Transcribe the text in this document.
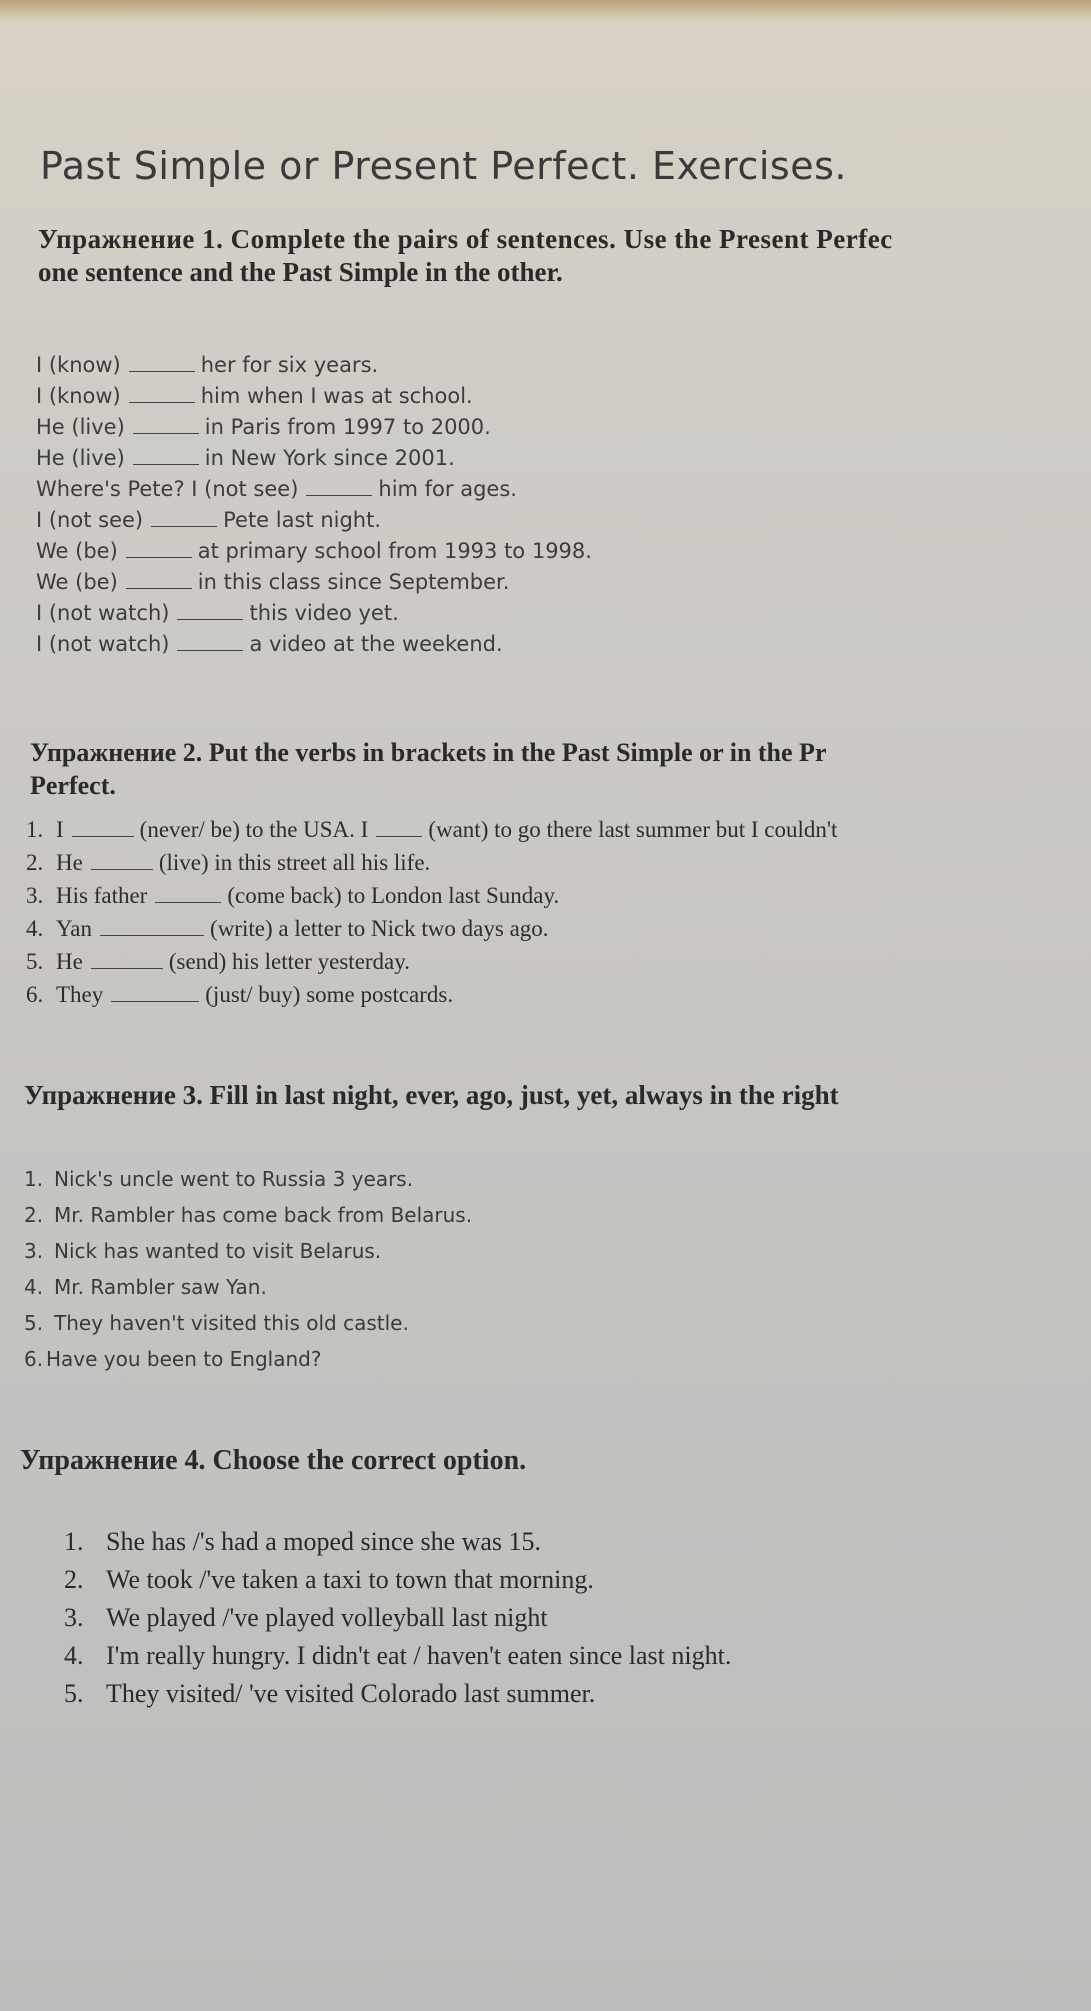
Past Simple or Present Perfect. Exercises.
Упражнение 1. Complete the pairs of sentences. Use the Present Perfec
one sentence and the Past Simple in the other.
I (know)	her for six years.
I (know)	him when I was at school.
He (live)	in Paris from 1997 to 2000.
He (live)	in New York since 2001.
Where's Pete? I (not see)	him for ages.
I (not see)	Pete last night.
We (be)	at primary school from 1993 to 1998.
We (be)	in this class since September.
I (not watch)	this video yet.
I (not watch)	a video at the weekend.
Упражнение 2. Put the verbs in brackets in the Past Simple or in the Pr
Perfect.
1. I	(never/ be) to the USA. I	(want) to go there last summer but I couldn't
2. He	(live) in this street all his life.
3. His father	(come back) to London last Sunday.
4. Yan	(write) a letter to Nick two days ago.
5. He	(send) his letter yesterday.
6. They	(just/ buy) some postcards.
Упражнение 3. Fill in last night, ever, ago, just, yet, always in the right
1. Nick's uncle went to Russia 3 years.
2. Mr. Rambler has come back from Belarus.
3. Nick has wanted to visit Belarus.
4. Mr. Rambler saw Yan.
5. They haven't visited this old castle.
6. Have you been to England?
Упражнение 4. Choose the correct option.
1. She has /'s had a moped since she was 15.
2. We took /'ve taken a taxi to town that morning.
3. We played /'ve played volleyball last night
4. I'm really hungry. I didn't eat / haven't eaten since last night.
5. They visited/ 've visited Colorado last summer.
